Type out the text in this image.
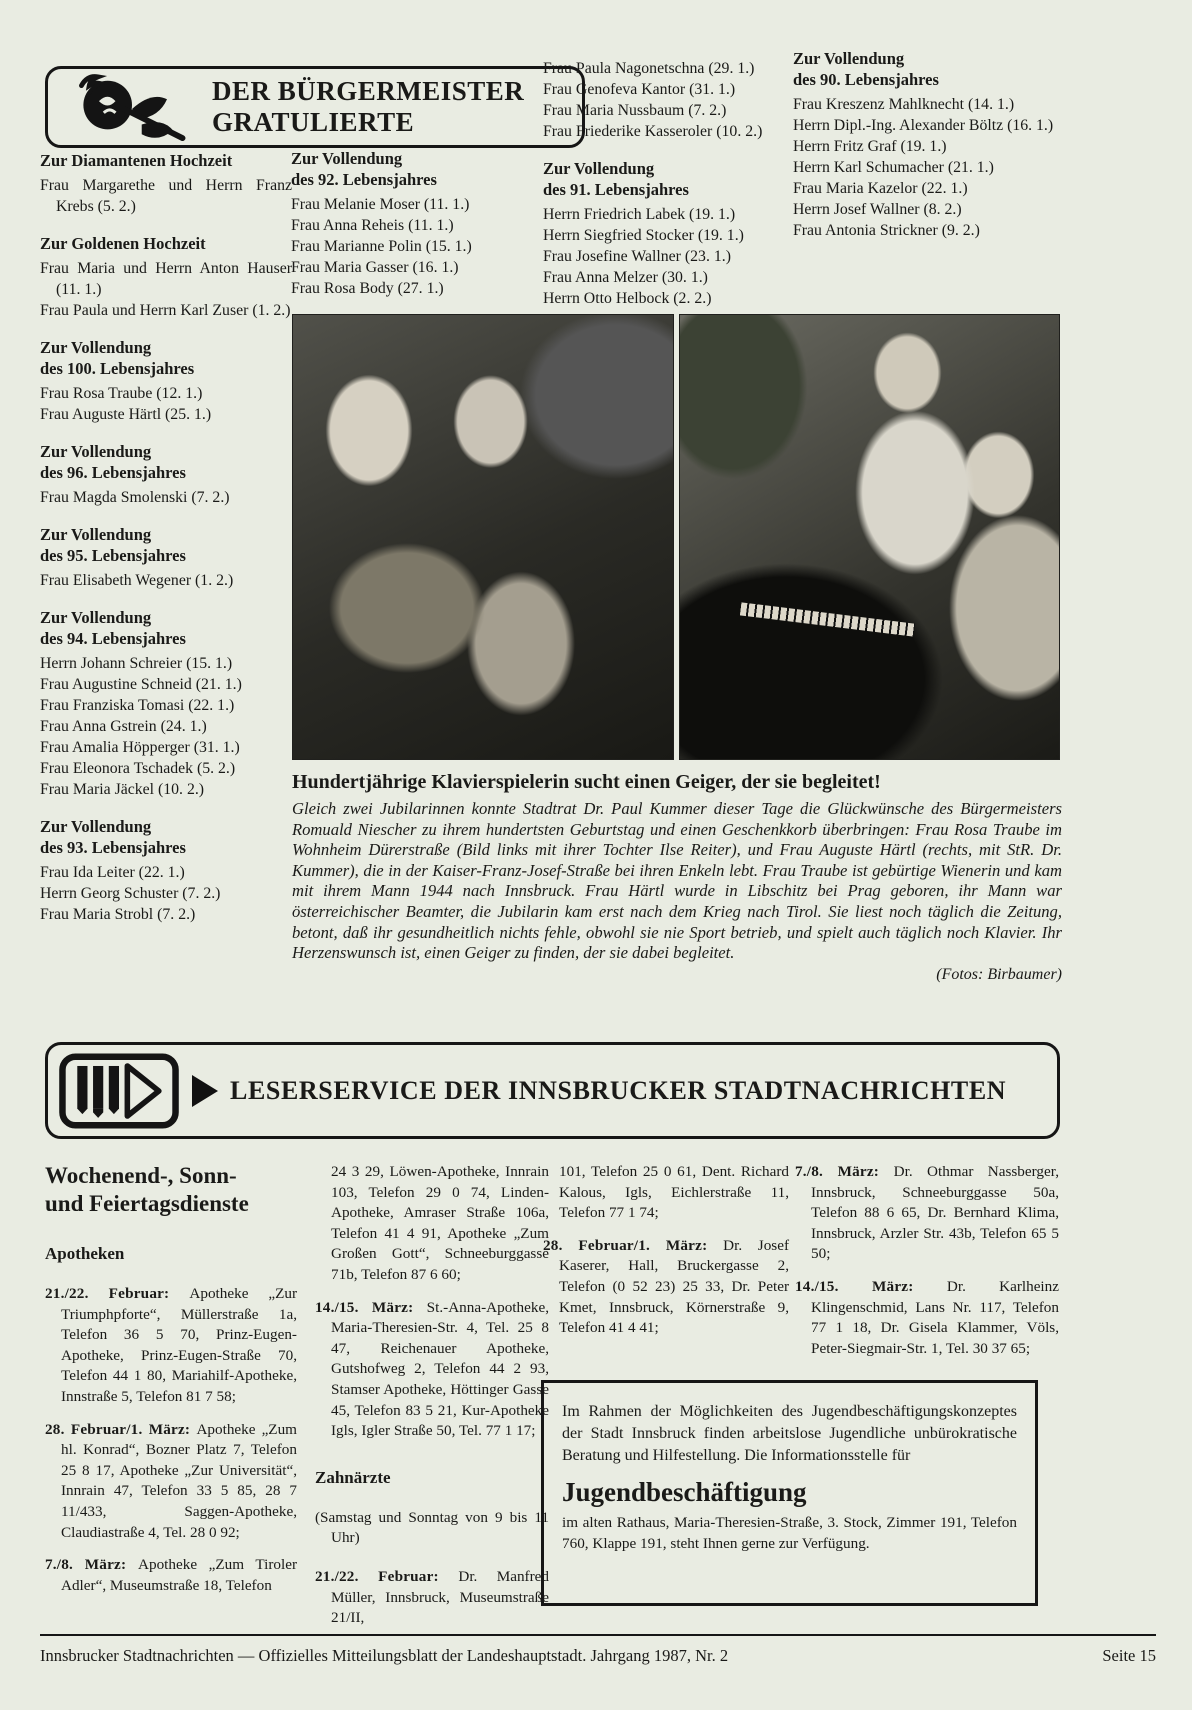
DER BÜRGERMEISTER
GRATULIERTE
Zur Diamantenen Hochzeit
Frau Margarethe und Herrn Franz Krebs (5. 2.)
Zur Goldenen Hochzeit
Frau Maria und Herrn Anton Hauser (11. 1.)
Frau Paula und Herrn Karl Zuser (1. 2.)
Zur Vollendung
des 100. Lebensjahres
Frau Rosa Traube (12. 1.)
Frau Auguste Härtl (25. 1.)
Zur Vollendung
des 96. Lebensjahres
Frau Magda Smolenski (7. 2.)
Zur Vollendung
des 95. Lebensjahres
Frau Elisabeth Wegener (1. 2.)
Zur Vollendung
des 94. Lebensjahres
Herrn Johann Schreier (15. 1.)
Frau Augustine Schneid (21. 1.)
Frau Franziska Tomasi (22. 1.)
Frau Anna Gstrein (24. 1.)
Frau Amalia Höpperger (31. 1.)
Frau Eleonora Tschadek (5. 2.)
Frau Maria Jäckel (10. 2.)
Zur Vollendung
des 93. Lebensjahres
Frau Ida Leiter (22. 1.)
Herrn Georg Schuster (7. 2.)
Frau Maria Strobl (7. 2.)
Zur Vollendung
des 92. Lebensjahres
Frau Melanie Moser (11. 1.)
Frau Anna Reheis (11. 1.)
Frau Marianne Polin (15. 1.)
Frau Maria Gasser (16. 1.)
Frau Rosa Body (27. 1.)
Frau Paula Nagonetschna (29. 1.)
Frau Genofeva Kantor (31. 1.)
Frau Maria Nussbaum (7. 2.)
Frau Friederike Kasseroler (10. 2.)
Zur Vollendung
des 91. Lebensjahres
Herrn Friedrich Labek (19. 1.)
Herrn Siegfried Stocker (19. 1.)
Frau Josefine Wallner (23. 1.)
Frau Anna Melzer (30. 1.)
Herrn Otto Helbock (2. 2.)
Zur Vollendung
des 90. Lebensjahres
Frau Kreszenz Mahlknecht (14. 1.)
Herrn Dipl.-Ing. Alexander Böltz (16. 1.)
Herrn Fritz Graf (19. 1.)
Herrn Karl Schumacher (21. 1.)
Frau Maria Kazelor (22. 1.)
Herrn Josef Wallner (8. 2.)
Frau Antonia Strickner (9. 2.)
Hundertjährige Klavierspielerin sucht einen Geiger, der sie begleitet!
Gleich zwei Jubilarinnen konnte Stadtrat Dr. Paul Kummer dieser Tage die Glückwünsche des Bürgermeisters Romuald Niescher zu ihrem hundertsten Geburtstag und einen Geschenkkorb überbringen: Frau Rosa Traube im Wohnheim Dürerstraße (Bild links mit ihrer Tochter Ilse Reiter), und Frau Auguste Härtl (rechts, mit StR. Dr. Kummer), die in der Kaiser-Franz-Josef-Straße bei ihren Enkeln lebt. Frau Traube ist gebürtige Wienerin und kam mit ihrem Mann 1944 nach Innsbruck. Frau Härtl wurde in Libschitz bei Prag geboren, ihr Mann war österreichischer Beamter, die Jubilarin kam erst nach dem Krieg nach Tirol. Sie liest noch täglich die Zeitung, betont, daß ihr gesundheitlich nichts fehle, obwohl sie nie Sport betrieb, und spielt auch täglich noch Klavier. Ihr Herzenswunsch ist, einen Geiger zu finden, der sie dabei begleitet.
(Fotos: Birbaumer)
LESERSERVICE DER INNSBRUCKER STADTNACHRICHTEN
Wochenend-, Sonn-
und Feiertagsdienste
Apotheken

21./22. Februar: Apotheke „Zur Triumphpforte“, Müllerstraße 1a, Telefon 36 5 70, Prinz-Eugen-Apotheke, Prinz-Eugen-Straße 70, Telefon 44 1 80, Mariahilf-Apotheke, Innstraße 5, Telefon 81 7 58;

28. Februar/1. März: Apotheke „Zum hl. Konrad“, Bozner Platz 7, Telefon 25 8 17, Apotheke „Zur Universität“, Innrain 47, Telefon 33 5 85, 28 7 11/433, Saggen-Apotheke, Claudiastraße 4, Tel. 28 0 92;

7./8. März: Apotheke „Zum Tiroler Adler“, Museumstraße 18, Telefon

24 3 29, Löwen-Apotheke, Innrain 103, Telefon 29 0 74, Linden-Apotheke, Amraser Straße 106a, Telefon 41 4 91, Apotheke „Zum Großen Gott“, Schneeburggasse 71b, Telefon 87 6 60;

14./15. März: St.-Anna-Apotheke, Maria-Theresien-Str. 4, Tel. 25 8 47, Reichenauer Apotheke, Gutshofweg 2, Telefon 44 2 93, Stamser Apotheke, Höttinger Gasse 45, Telefon 83 5 21, Kur-Apotheke Igls, Igler Straße 50, Tel. 77 1 17;

Zahnärzte

(Samstag und Sonntag von 9 bis 11 Uhr)

21./22. Februar: Dr. Manfred Müller, Innsbruck, Museumstraße 21/II,

101, Telefon 25 0 61, Dent. Richard Kalous, Igls, Eichlerstraße 11, Telefon 77 1 74;

28. Februar/1. März: Dr. Josef Kaserer, Hall, Bruckergasse 2, Telefon (0 52 23) 25 33, Dr. Peter Kmet, Innsbruck, Körnerstraße 9, Telefon 41 4 41;

7./8. März: Dr. Othmar Nassberger, Innsbruck, Schneeburggasse 50a, Telefon 88 6 65, Dr. Bernhard Klima, Innsbruck, Arzler Str. 43b, Telefon 65 5 50;

14./15. März: Dr. Karlheinz Klingenschmid, Lans Nr. 117, Telefon 77 1 18, Dr. Gisela Klammer, Völs, Peter-Siegmair-Str. 1, Tel. 30 37 65;

Im Rahmen der Möglichkeiten des Jugendbeschäftigungskonzeptes der Stadt Innsbruck finden arbeitslose Jugendliche unbürokratische Beratung und Hilfestellung. Die Informationsstelle für

Jugendbeschäftigung

im alten Rathaus, Maria-Theresien-Straße, 3. Stock, Zimmer 191, Telefon 760, Klappe 191, steht Ihnen gerne zur Verfügung.

Innsbrucker Stadtnachrichten — Offizielles Mitteilungsblatt der Landeshauptstadt. Jahrgang 1987, Nr. 2	Seite 15
